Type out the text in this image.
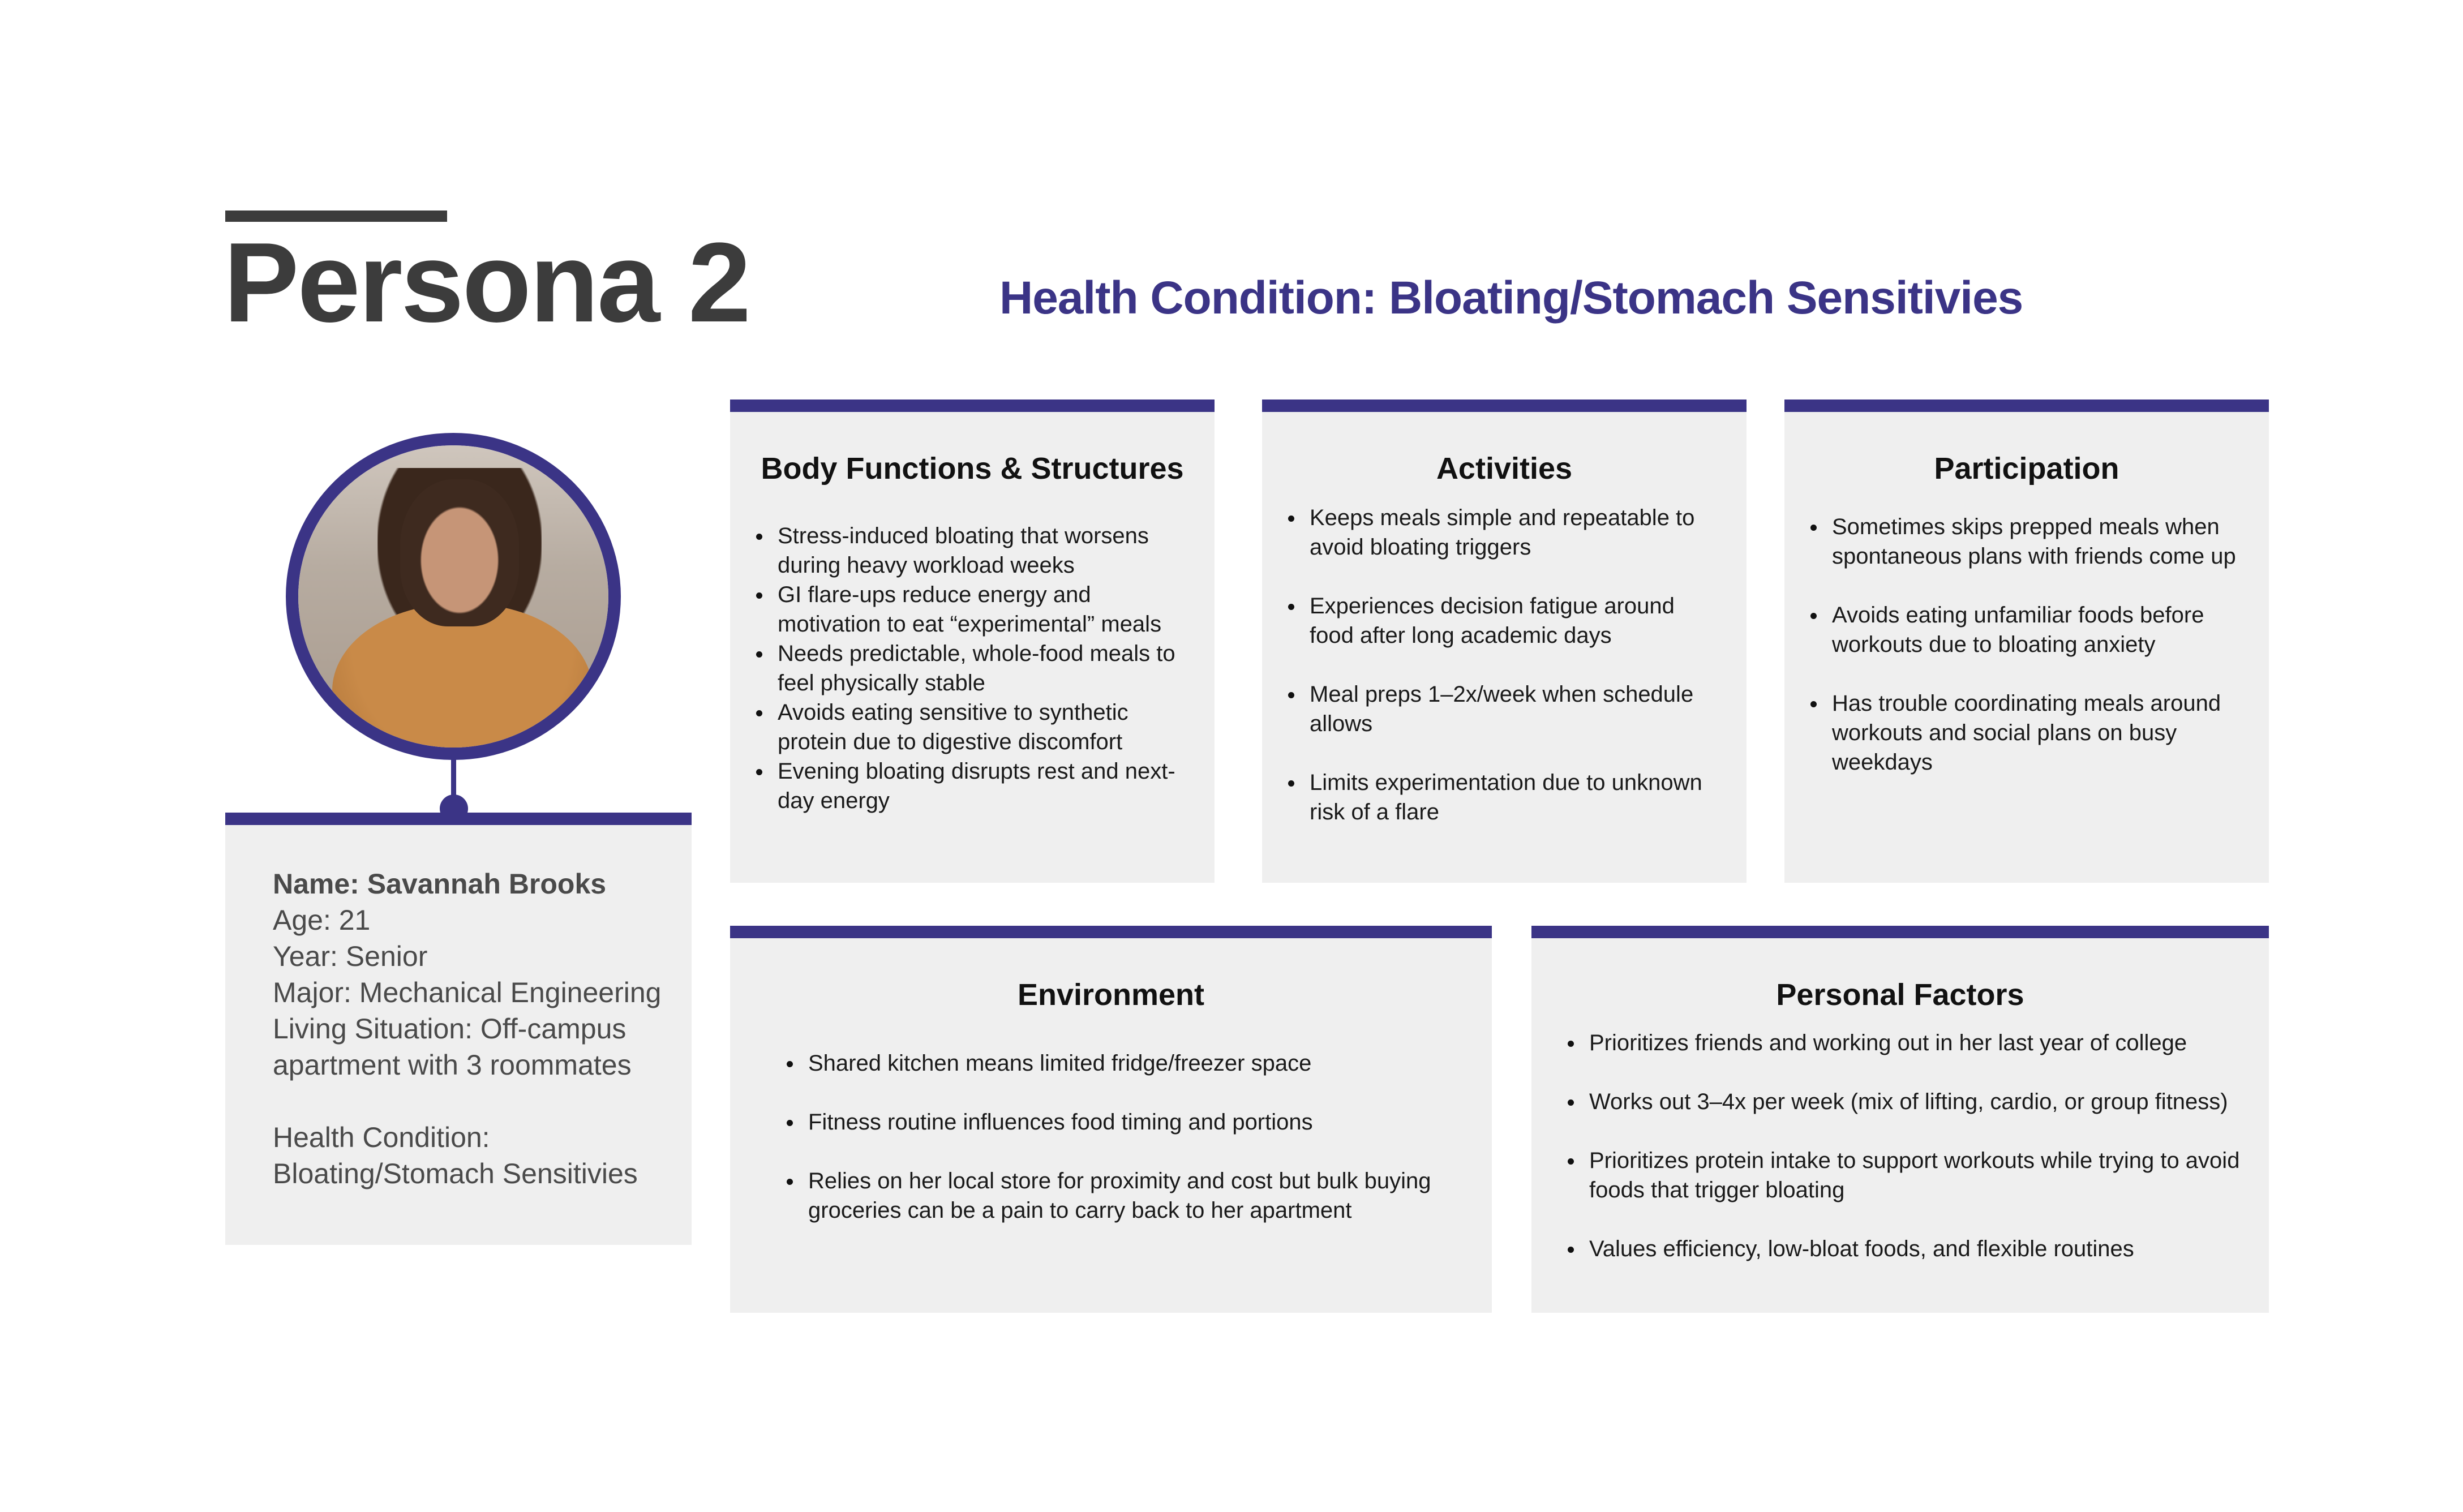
Persona 2	Health Condition: Bloating/Stomach Sensitivies

Name: Savannah Brooks

Age: 21

Year: Senior

Major: Mechanical Engineering

Living Situation: Off-campus

apartment with 3 roommates

Health Condition:

Bloating/Stomach Sensitivies

Body Functions & Structures
Stress-induced bloating that worsens during heavy workload weeks
GI flare-ups reduce energy and motivation to eat “experimental” meals
Needs predictable, whole-food meals to feel physically stable
Avoids eating sensitive to synthetic protein due to digestive discomfort
Evening bloating disrupts rest and next-day energy
Activities
Keeps meals simple and repeatable to avoid bloating triggers
Experiences decision fatigue around food after long academic days
Meal preps 1–2x/week when schedule allows
Limits experimentation due to unknown risk of a flare
Participation
Sometimes skips prepped meals when spontaneous plans with friends come up
Avoids eating unfamiliar foods before workouts due to bloating anxiety
Has trouble coordinating meals around workouts and social plans on busy weekdays
Environment
Shared kitchen means limited fridge/freezer space
Fitness routine influences food timing and portions
Relies on her local store for proximity and cost but bulk buying groceries can be a pain to carry back to her apartment
Personal Factors
Prioritizes friends and working out in her last year of college
Works out 3–4x per week (mix of lifting, cardio, or group fitness)
Prioritizes protein intake to support workouts while trying to avoid foods that trigger bloating
Values efficiency, low-bloat foods, and flexible routines
